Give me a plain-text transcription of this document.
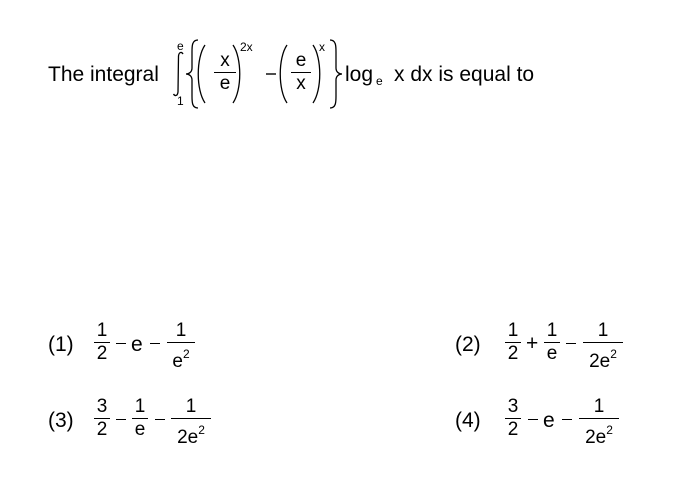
The integral
e
1
x
e
2x
e
x
x
log e x dx is equal to
(1)
1
2 e
1
$e^2$	(2)
1
2 +
1
e
1
$2e^2$
(3)
3
2
1
e
1
$2e^2$	(4)
3
2 e
1
$2e^2$
